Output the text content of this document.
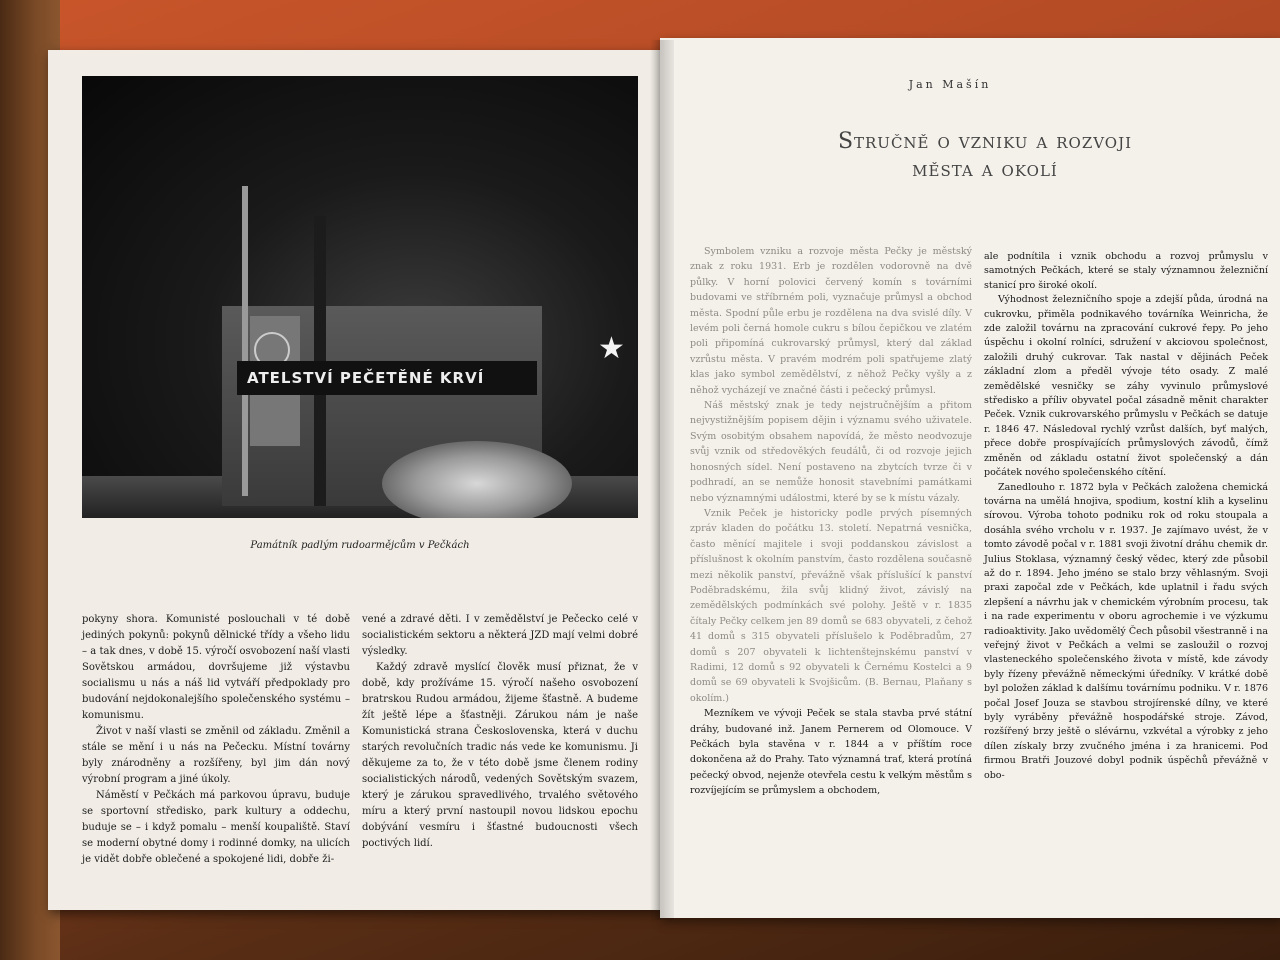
ATELSTVÍ PEČETĚNÉ KRVÍ
★
Památník padlým rudoarmějcům v Pečkách

pokyny shora. Komunisté poslouchali v té době jediných pokynů: pokynů dělnické třídy a všeho lidu – a tak dnes, v době 15. výročí osvobození naší vlasti Sovětskou armádou, dovršujeme již výstavbu socialismu u nás a náš lid vytváří předpoklady pro budování nejdokonalejšího společenského systému – komunismu.

Život v naší vlasti se změnil od základu. Změnil a stále se mění i u nás na Pečecku. Místní továrny byly znárodněny a rozšířeny, byl jim dán nový výrobní program a jiné úkoly.

Náměstí v Pečkách má parkovou úpravu, buduje se sportovní středisko, park kultury a oddechu, buduje se – i když pomalu – menší koupaliště. Staví se moderní obytné domy i rodinné domky, na ulicích je vidět dobře oblečené a spokojené lidi, dobře ži-

vené a zdravé děti. I v zemědělství je Pečecko celé v socialistickém sektoru a některá JZD mají velmi dobré výsledky.

Každý zdravě myslící člověk musí přiznat, že v době, kdy prožíváme 15. výročí našeho osvobození bratrskou Rudou armádou, žijeme šťastně. A budeme žít ještě lépe a šťastněji. Zárukou nám je naše Komunistická strana Československa, která v duchu starých revolučních tradic nás vede ke komunismu. Ji děkujeme za to, že v této době jsme členem rodiny socialistických národů, vedených Sovětským svazem, který je zárukou spravedlivého, trvalého světového míru a který první nastoupil novou lidskou epochu dobývání vesmíru i šťastné budoucnosti všech poctivých lidí.

Jan Mašín
Stručně o vzniku a rozvoji
města a okolí

Symbolem vzniku a rozvoje města Pečky je městský znak z roku 1931. Erb je rozdělen vodorovně na dvě půlky. V horní polovici červený komín s továrními budovami ve stříbrném poli, vyznačuje průmysl a obchod města. Spodní půle erbu je rozdělena na dva svislé díly. V levém poli černá homole cukru s bílou čepičkou ve zlatém poli připomíná cukrovarský průmysl, který dal základ vzrůstu města. V pravém modrém poli spatřujeme zlatý klas jako symbol zemědělství, z něhož Pečky vyšly a z něhož vycházejí ve značné části i pečecký průmysl.

Náš městský znak je tedy nejstručnějším a přitom nejvystižnějším popisem dějin i významu svého uživatele. Svým osobitým obsahem napovídá, že město neodvozuje svůj vznik od středověkých feudálů, či od rozvoje jejich honosných sídel. Není postaveno na zbytcích tvrze či v podhradí, an se nemůže honosit stavebními památkami nebo významnými událostmi, které by se k místu vázaly.

Vznik Peček je historicky podle prvých písemných zpráv kladen do počátku 13. století. Nepatrná vesnička, často měnící majitele i svoji poddanskou závislost a příslušnost k okolním panstvím, často rozdělena současně mezi několik panství, převážně však příslušící k panství Poděbradskému, žila svůj klidný život, závislý na zemědělských podmínkách své polohy. Ještě v r. 1835 čítaly Pečky celkem jen 89 domů se 683 obyvateli, z čehož 41 domů s 315 obyvateli příslušelo k Poděbradům, 27 domů s 207 obyvateli k lichtenštejnskému panství v Radimi, 12 domů s 92 obyvateli k Černému Kostelci a 9 domů se 69 obyvateli k Svojšicům. (B. Bernau, Plaňany s okolím.)

Mezníkem ve vývoji Peček se stala stavba prvé státní dráhy, budované inž. Janem Pernerem od Olomouce. V Pečkách byla stavěna v r. 1844 a v příštím roce dokončena až do Prahy. Tato významná trať, která protíná pečecký obvod, nejenže otevřela cestu k velkým městům s rozvíjejícím se průmyslem a obchodem,

ale podnítila i vznik obchodu a rozvoj průmyslu v samotných Pečkách, které se staly významnou železniční stanicí pro široké okolí.

Výhodnost železničního spoje a zdejší půda, úrodná na cukrovku, přiměla podnikavého továrníka Weinricha, že zde založil továrnu na zpracování cukrové řepy. Po jeho úspěchu i okolní rolníci, sdružení v akciovou společnost, založili druhý cukrovar. Tak nastal v dějinách Peček základní zlom a předěl vývoje této osady. Z malé zemědělské vesničky se záhy vyvinulo průmyslové středisko a příliv obyvatel počal zásadně měnit charakter Peček. Vznik cukrovarského průmyslu v Pečkách se datuje r. 1846 47. Následoval rychlý vzrůst dalších, byť malých, přece dobře prospívajících průmyslových závodů, čímž změněn od základu ostatní život společenský a dán počátek nového společenského cítění.

Zanedlouho r. 1872 byla v Pečkách založena chemická továrna na umělá hnojiva, spodium, kostní klih a kyselinu sírovou. Výroba tohoto podniku rok od roku stoupala a dosáhla svého vrcholu v r. 1937. Je zajímavo uvést, že v tomto závodě počal v r. 1881 svoji životní dráhu chemik dr. Julius Stoklasa, významný český vědec, který zde působil až do r. 1894. Jeho jméno se stalo brzy věhlasným. Svoji praxi započal zde v Pečkách, kde uplatnil i řadu svých zlepšení a návrhu jak v chemickém výrobním procesu, tak i na rade experimentu v oboru agrochemie i ve výzkumu radioaktivity. Jako uvědomělý Čech působil všestranně i na veřejný život v Pečkách a velmi se zasloužil o rozvoj vlasteneckého společenského života v místě, kde závody byly řízeny převážně německými úředníky. V krátké době byl položen základ k dalšímu továrnímu podniku. V r. 1876 počal Josef Jouza se stavbou strojírenské dílny, ve které byly vyráběny převážně hospodářské stroje. Závod, rozšířený brzy ještě o slévárnu, vzkvétal a výrobky z jeho dílen získaly brzy zvučného jména i za hranicemi. Pod firmou Bratři Jouzové dobyl podnik úspěchů převážně v obo-
